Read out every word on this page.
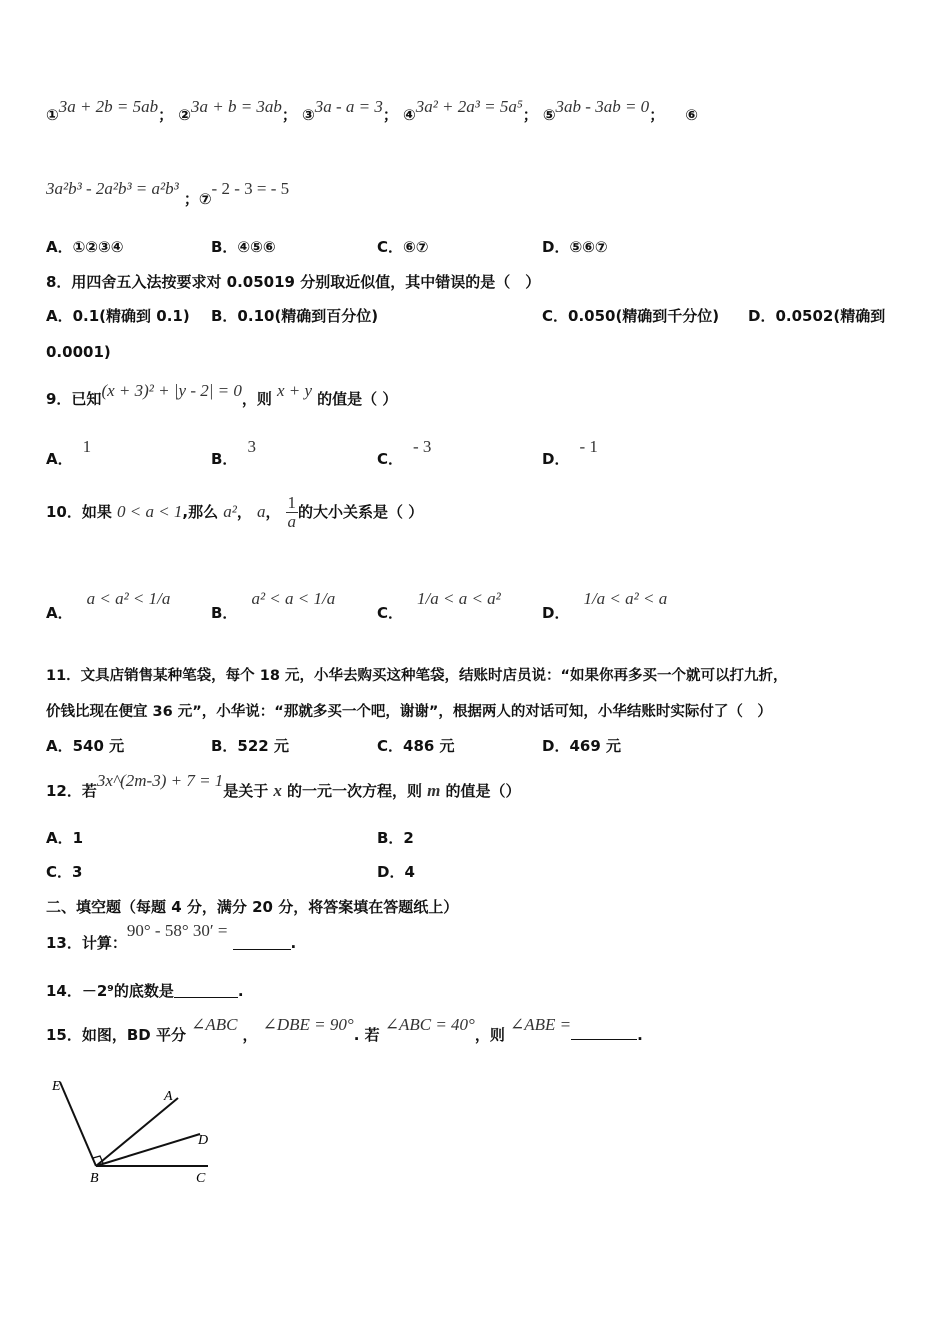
①3a + 2b = 5ab； ②3a + b = 3ab； ③3a - a = 3； ④3a² + 2a³ = 5a⁵； ⑤3ab - 3ab = 0； ⑥
3a²b³ - 2a²b³ = a²b³ ；⑦- 2 - 3 = - 5
A．①②③④	B．④⑤⑥	C．⑥⑦	D．⑤⑥⑦
8．用四舍五入法按要求对 0.05019 分别取近似值，其中错误的是（　）
A．0.1(精确到 0.1) B．0.10(精确到百分位)	C．0.050(精确到千分位) D．0.0502(精确到
0.0001)
9．已知(x + 3)² + |y - 2| = 0，则 x + y 的值是（ ）
A．1
B．3
C．- 3
D．- 1
10．如果 0 < a < 1,那么 a²， a， $\frac{1}{a}$ 的大小关系是（ ）
A．a < a² < 1/a
B．a² < a < 1/a
C．1/a < a < a²
D．1/a < a² < a
11．文具店销售某种笔袋，每个 18 元，小华去购买这种笔袋，结账时店员说：“如果你再多买一个就可以打九折，
价钱比现在便宜 36 元”，小华说：“那就多买一个吧，谢谢”，根据两人的对话可知，小华结账时实际付了（　）
A．540 元	B．522 元	C．486 元	D．469 元
12．若3x^(2m-3) + 7 = 1是关于 x 的一元一次方程，则 m 的值是（）
A．1	B．2
C．3	D．4
二、填空题（每题 4 分，满分 20 分，将答案填在答题纸上）
13．计算：90° - 58° 30′ = .
14．－2⁹的底数是	.
15．如图，BD 平分 ∠ABC ， ∠DBE = 90°. 若 ∠ABC = 40°，则 ∠ABE =.
E
A
D
B	C
